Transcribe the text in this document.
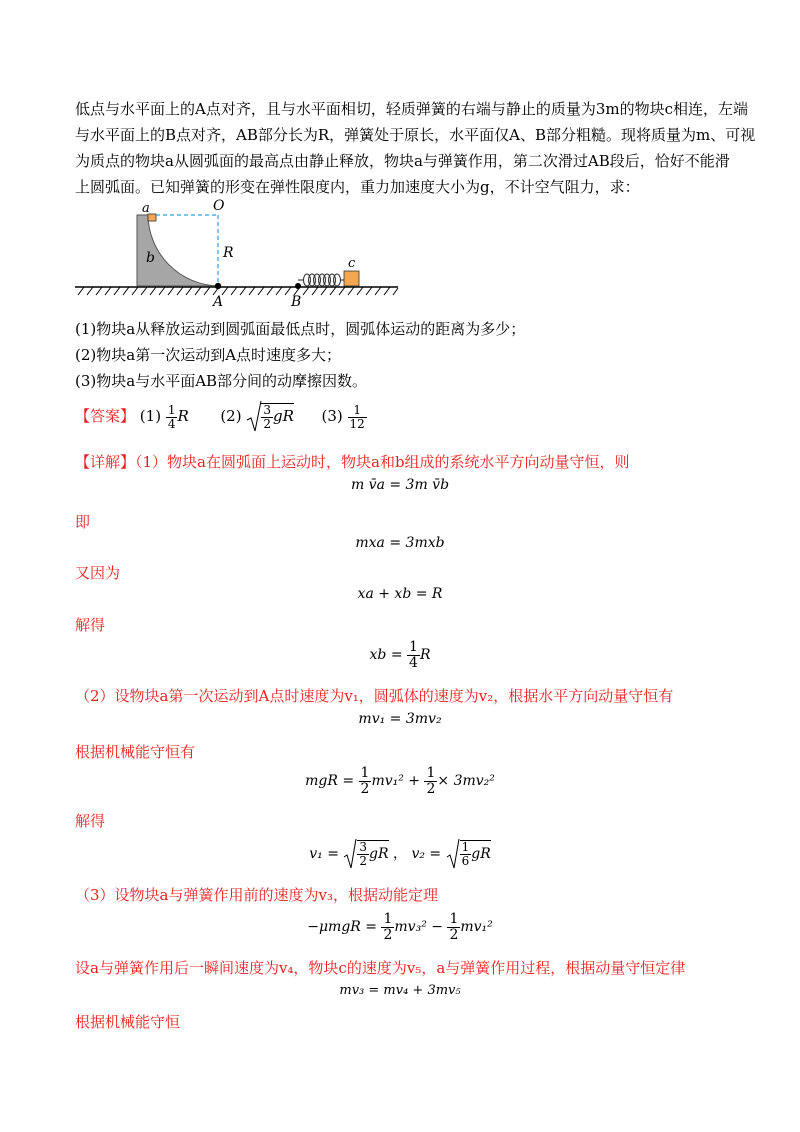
低点与水平面上的A点对齐，且与水平面相切，轻质弹簧的右端与静止的质量为3m的物块c相连，左端
与水平面上的B点对齐，AB部分长为R，弹簧处于原长，水平面仅A、B部分粗糙。现将质量为m、可视
为质点的物块a从圆弧面的最高点由静止释放，物块a与弹簧作用，第二次滑过AB段后，恰好不能滑
上圆弧面。已知弹簧的形变在弹性限度内，重力加速度大小为g，不计空气阻力，求：
a	O
b	R
c
A	B
(1)物块a从释放运动到圆弧面最低点时，圆弧体运动的距离为多少；
(2)物块a第一次运动到A点时速度多大；
(3)物块a与水平面AB部分间的动摩擦因数。
【答案】 $(1) \frac{1}{4}$ R $(2) \frac{3}{2}$ gR $(3) \frac{1}{12}$
【详解】（1）物块a在圆弧面上运动时，物块a和b组成的系统水平方向动量守恒，则
m v̄a = 3m v̄b
即
mxa = 3mxb
又因为
xa + xb = R
解得
xb = $\frac{1}{4}$ R
（2）设物块a第一次运动到A点时速度为v₁，圆弧体的速度为v₂，根据水平方向动量守恒有
mv₁ = 3mv₂
根据机械能守恒有
mgR = $\frac{1}{2} mv_1^2 + \frac{1}{2} \times 3mv_2^2$
解得
$v_1 = \frac{3}{2}$ gR ， $v_2 = \frac{1}{6}$ gR
（3）设物块a与弹簧作用前的速度为v₃，根据动能定理
$-\mu mgR = \frac{1}{2} mv_3^2 - \frac{1}{2} mv_1^2$
设a与弹簧作用后一瞬间速度为v₄，物块c的速度为v₅，a与弹簧作用过程，根据动量守恒定律
mv₃ = mv₄ + 3mv₅
根据机械能守恒
